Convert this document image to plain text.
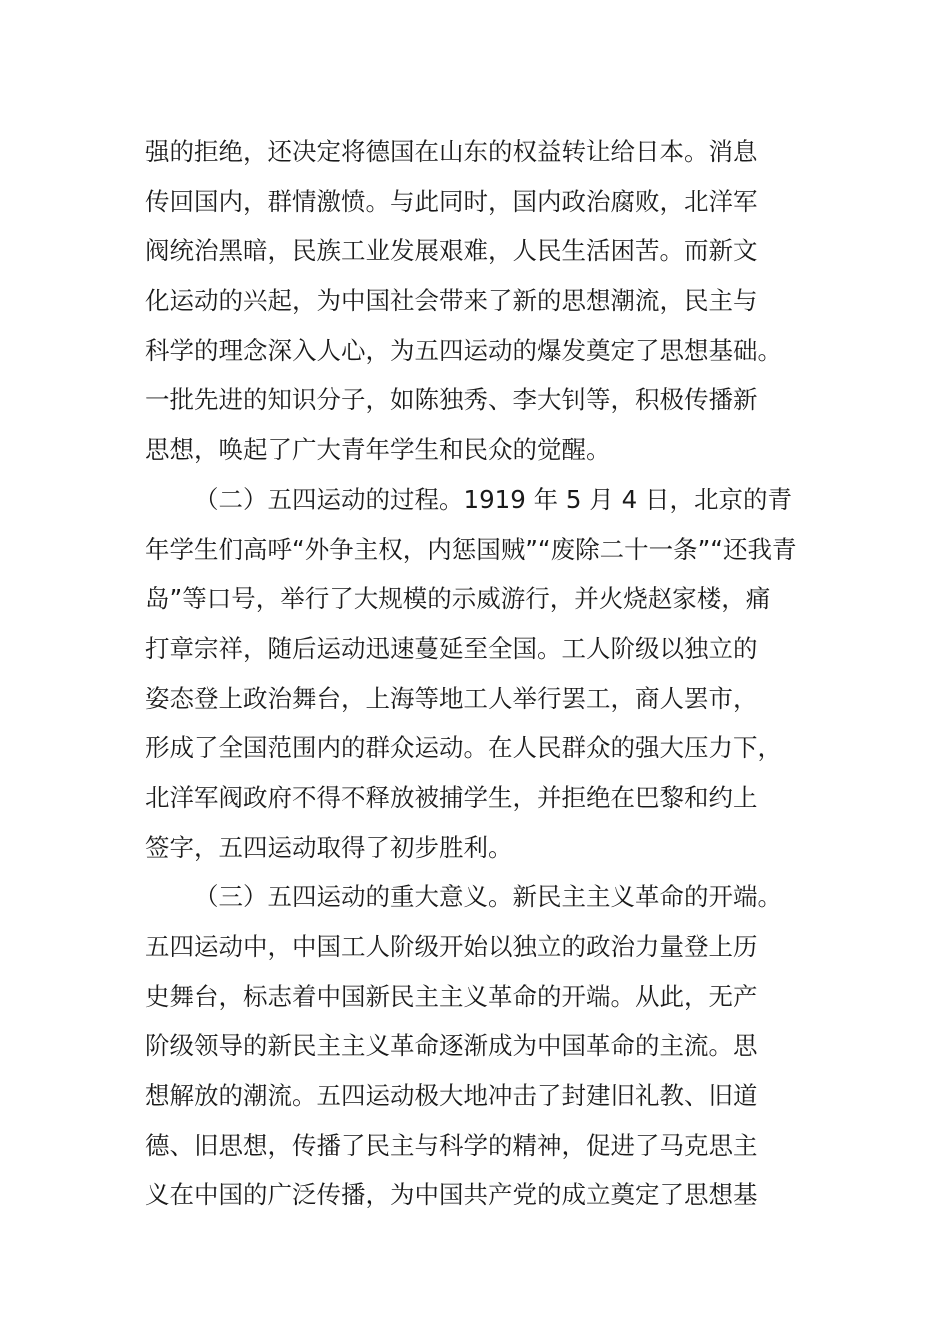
强的拒绝，还决定将德国在山东的权益转让给日本。消息
传回国内，群情激愤。与此同时，国内政治腐败，北洋军
阀统治黑暗，民族工业发展艰难，人民生活困苦。而新文
化运动的兴起，为中国社会带来了新的思想潮流，民主与
科学的理念深入人心，为五四运动的爆发奠定了思想基础。
一批先进的知识分子，如陈独秀、李大钊等，积极传播新
思想，唤起了广大青年学生和民众的觉醒。
（二）五四运动的过程。1919 年 5 月 4 日，北京的青
年学生们高呼“外争主权，内惩国贼”“废除二十一条”“还我青
岛”等口号，举行了大规模的示威游行，并火烧赵家楼，痛
打章宗祥，随后运动迅速蔓延至全国。工人阶级以独立的
姿态登上政治舞台，上海等地工人举行罢工，商人罢市，
形成了全国范围内的群众运动。在人民群众的强大压力下，
北洋军阀政府不得不释放被捕学生，并拒绝在巴黎和约上
签字，五四运动取得了初步胜利。
（三）五四运动的重大意义。新民主主义革命的开端。
五四运动中，中国工人阶级开始以独立的政治力量登上历
史舞台，标志着中国新民主主义革命的开端。从此，无产
阶级领导的新民主主义革命逐渐成为中国革命的主流。思
想解放的潮流。五四运动极大地冲击了封建旧礼教、旧道
德、旧思想，传播了民主与科学的精神，促进了马克思主
义在中国的广泛传播，为中国共产党的成立奠定了思想基
